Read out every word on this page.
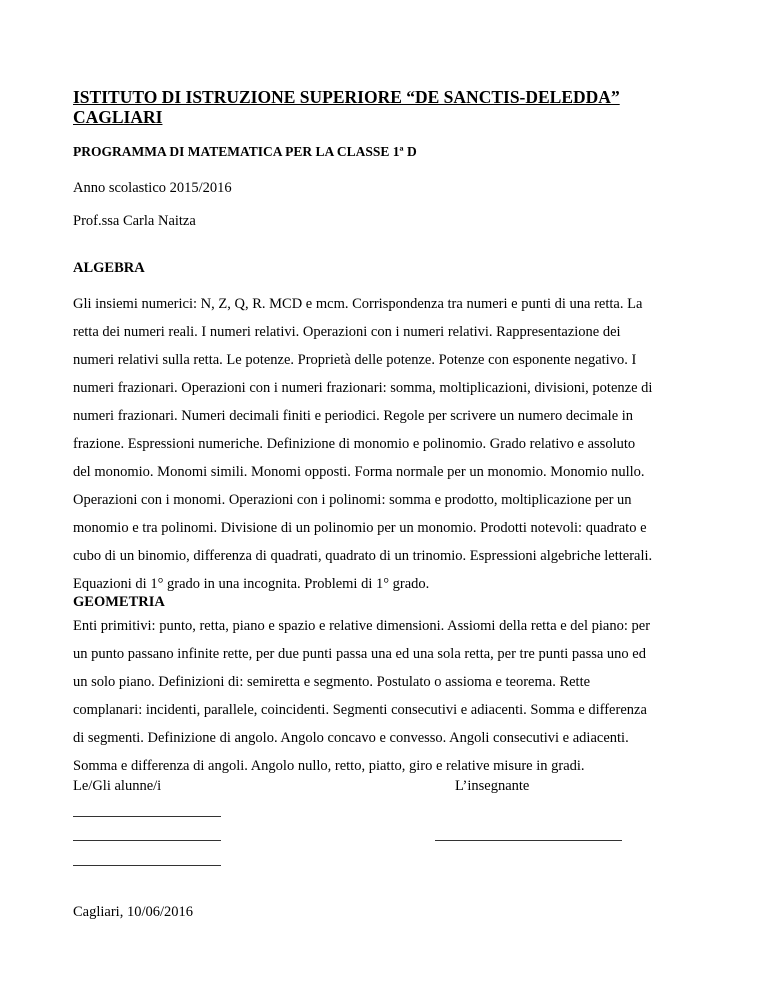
ISTITUTO DI ISTRUZIONE SUPERIORE “DE SANCTIS-DELEDDA”
CAGLIARI
PROGRAMMA DI MATEMATICA PER LA CLASSE 1ª D
Anno scolastico 2015/2016
Prof.ssa Carla Naitza
ALGEBRA
Gli insiemi numerici: N, Z, Q, R. MCD e mcm. Corrispondenza tra numeri e punti di una retta. La
retta dei numeri reali. I numeri relativi. Operazioni con i numeri relativi. Rappresentazione dei
numeri relativi sulla retta. Le potenze. Proprietà delle potenze. Potenze con esponente negativo. I
numeri frazionari. Operazioni con i numeri frazionari: somma, moltiplicazioni, divisioni, potenze di
numeri frazionari. Numeri decimali finiti e periodici. Regole per scrivere un numero decimale in
frazione. Espressioni numeriche. Definizione di monomio e polinomio. Grado relativo e assoluto
del monomio. Monomi simili. Monomi opposti. Forma normale per un monomio. Monomio nullo.
Operazioni con i monomi. Operazioni con i polinomi: somma e prodotto, moltiplicazione per un
monomio e tra polinomi. Divisione di un polinomio per un monomio. Prodotti notevoli: quadrato e
cubo di un binomio, differenza di quadrati, quadrato di un trinomio. Espressioni algebriche letterali.
Equazioni di 1° grado in una incognita. Problemi di 1° grado.
GEOMETRIA
Enti primitivi: punto, retta, piano e spazio e relative dimensioni. Assiomi della retta e del piano: per
un punto passano infinite rette, per due punti passa una ed una sola retta, per tre punti passa uno ed
un solo piano. Definizioni di: semiretta e segmento. Postulato o assioma e teorema. Rette
complanari: incidenti, parallele, coincidenti. Segmenti consecutivi e adiacenti. Somma e differenza
di segmenti. Definizione di angolo. Angolo concavo e convesso. Angoli consecutivi e adiacenti.
Somma e differenza di angoli. Angolo nullo, retto, piatto, giro e relative misure in gradi.
Le/Gli alunne/i	L’insegnante
Cagliari, 10/06/2016
